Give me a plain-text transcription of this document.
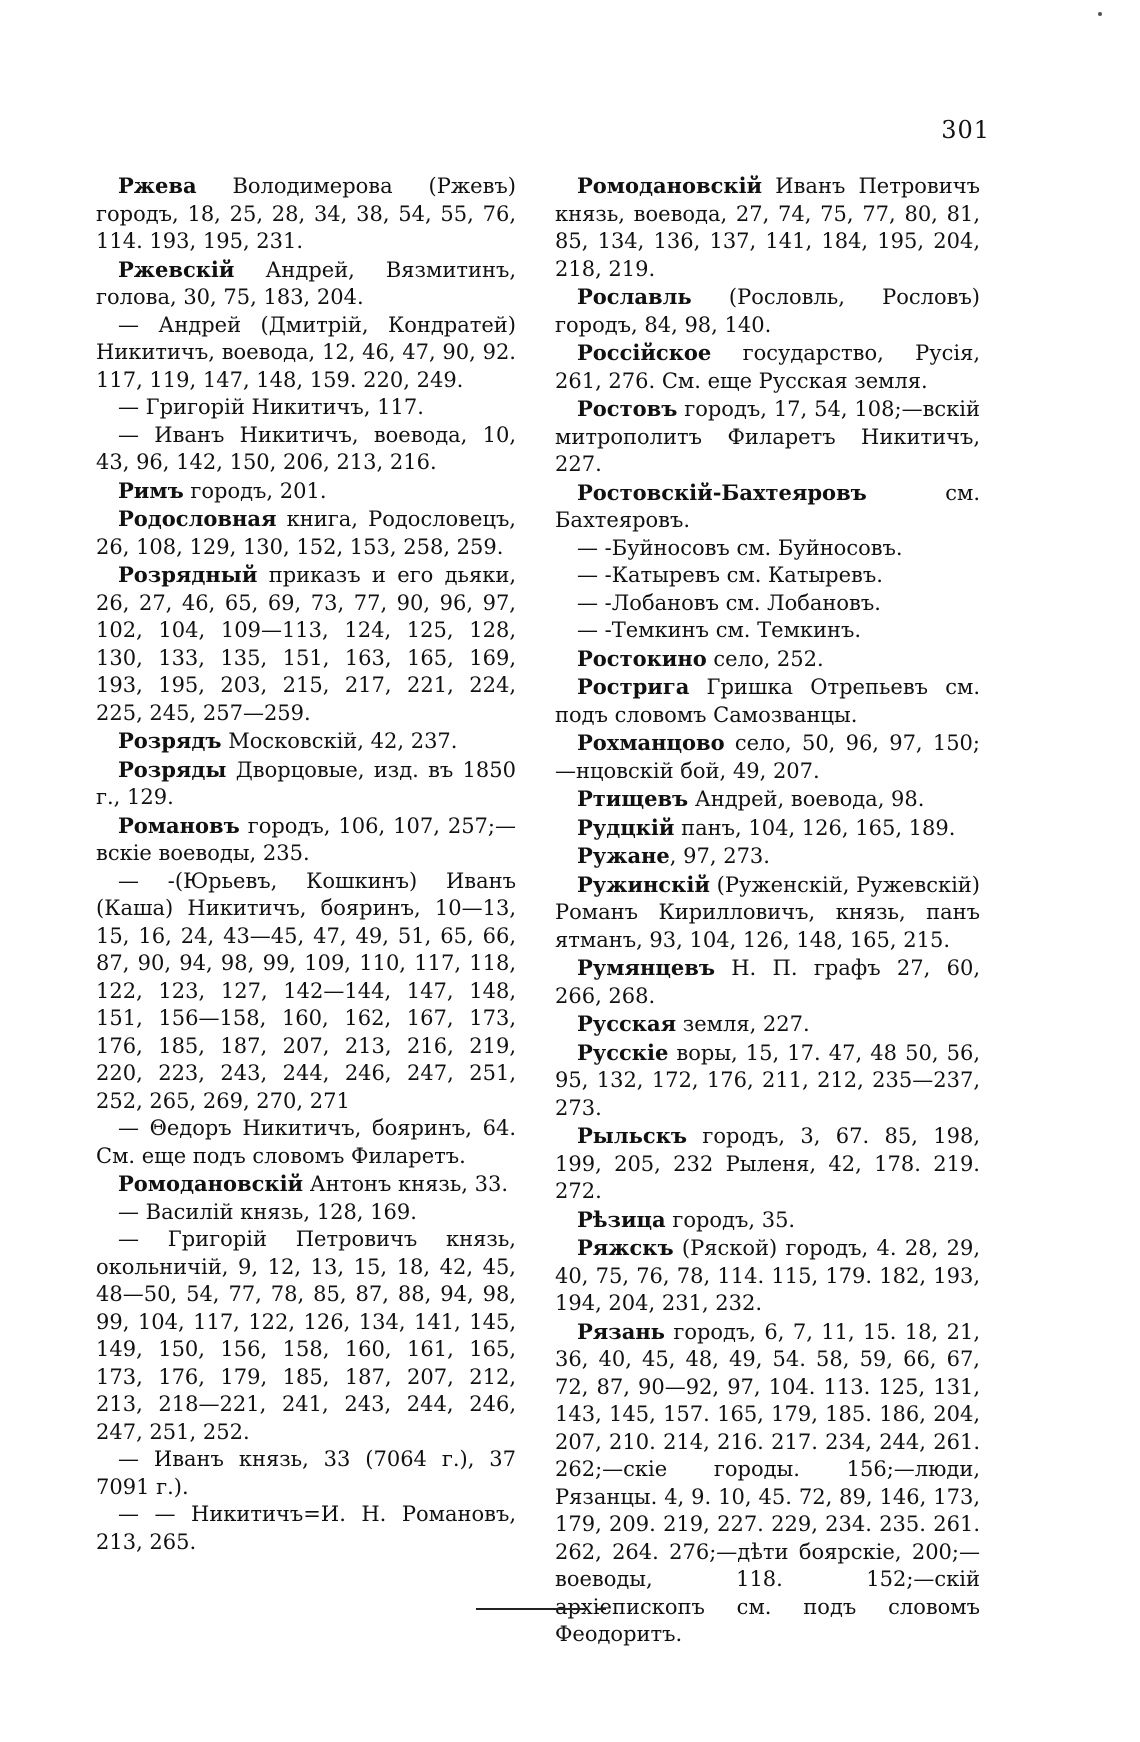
301

Ржева Володимерова (Ржевъ) городъ, 18, 25, 28, 34, 38, 54, 55, 76, 114. 193, 195, 231.

Ржевскій Андрей, Вязмитинъ, голова, 30, 75, 183, 204.

— Андрей (Дмитрій, Кондратей) Никитичъ, воевода, 12, 46, 47, 90, 92. 117, 119, 147, 148, 159. 220, 249.

— Григорій Никитичъ, 117.

— Иванъ Никитичъ, воевода, 10, 43, 96, 142, 150, 206, 213, 216.

Римъ городъ, 201.

Родословная книга, Родословецъ, 26, 108, 129, 130, 152, 153, 258, 259.

Розрядный приказъ и его дьяки, 26, 27, 46, 65, 69, 73, 77, 90, 96, 97, 102, 104, 109—113, 124, 125, 128, 130, 133, 135, 151, 163, 165, 169, 193, 195, 203, 215, 217, 221, 224, 225, 245, 257—259.

Розрядъ Московскій, 42, 237.

Розряды Дворцовые, изд. въ 1850 г., 129.

Романовъ городъ, 106, 107, 257;— вскіе воеводы, 235.

— -(Юрьевъ, Кошкинъ) Иванъ (Каша) Никитичъ, бояринъ, 10—13, 15, 16, 24, 43—45, 47, 49, 51, 65, 66, 87, 90, 94, 98, 99, 109, 110, 117, 118, 122, 123, 127, 142—144, 147, 148, 151, 156—158, 160, 162, 167, 173, 176, 185, 187, 207, 213, 216, 219, 220, 223, 243, 244, 246, 247, 251, 252, 265, 269, 270, 271

— Θедоръ Никитичъ, бояринъ, 64. См. еще подъ словомъ Филаретъ.

Ромодановскій Антонъ князь, 33.

— Василій князь, 128, 169.

— Григорій Петровичъ князь, окольничій, 9, 12, 13, 15, 18, 42, 45, 48—50, 54, 77, 78, 85, 87, 88, 94, 98, 99, 104, 117, 122, 126, 134, 141, 145, 149, 150, 156, 158, 160, 161, 165, 173, 176, 179, 185, 187, 207, 212, 213, 218—221, 241, 243, 244, 246, 247, 251, 252.

— Иванъ князь, 33 (7064 г.), 37 7091 г.).

— — Никитичъ=И. Н. Романовъ, 213, 265.

Ромодановскій Иванъ Петровичъ князь, воевода, 27, 74, 75, 77, 80, 81, 85, 134, 136, 137, 141, 184, 195, 204, 218, 219.

Рославль (Рословль, Рословъ) городъ, 84, 98, 140.

Россійское государство, Русія, 261, 276. См. еще Русская земля.

Ростовъ городъ, 17, 54, 108;—вскій митрополитъ Филаретъ Никитичъ, 227.

Ростовскій-Бахтеяровъ см. Бахтеяровъ.

— -Буйносовъ см. Буйносовъ.

— -Катыревъ см. Катыревъ.

— -Лобановъ см. Лобановъ.

— -Темкинъ см. Темкинъ.

Ростокино село, 252.

Рострига Гришка Отрепьевъ см. подъ словомъ Самозванцы.

Рохманцово село, 50, 96, 97, 150;—нцовскій бой, 49, 207.

Ртищевъ Андрей, воевода, 98.

Рудцкій панъ, 104, 126, 165, 189.

Ружане, 97, 273.

Ружинскій (Руженскій, Ружевскій) Романъ Кирилловичъ, князь, панъ ятманъ, 93, 104, 126, 148, 165, 215.

Румянцевъ Н. П. графъ 27, 60, 266, 268.

Русская земля, 227.

Русскіе воры, 15, 17. 47, 48 50, 56, 95, 132, 172, 176, 211, 212, 235—237, 273.

Рыльскъ городъ, 3, 67. 85, 198, 199, 205, 232 Рыленя, 42, 178. 219. 272.

Рѣзица городъ, 35.

Ряжскъ (Ряской) городъ, 4. 28, 29, 40, 75, 76, 78, 114. 115, 179. 182, 193, 194, 204, 231, 232.

Рязань городъ, 6, 7, 11, 15. 18, 21, 36, 40, 45, 48, 49, 54. 58, 59, 66, 67, 72, 87, 90—92, 97, 104. 113. 125, 131, 143, 145, 157. 165, 179, 185. 186, 204, 207, 210. 214, 216. 217. 234, 244, 261. 262;—скіе городы. 156;—люди, Рязанцы. 4, 9. 10, 45. 72, 89, 146, 173, 179, 209. 219, 227. 229, 234. 235. 261. 262, 264. 276;—дѣти боярскіе, 200;—воеводы, 118. 152;—скій архіепископъ см. подъ словомъ Феодоритъ.
